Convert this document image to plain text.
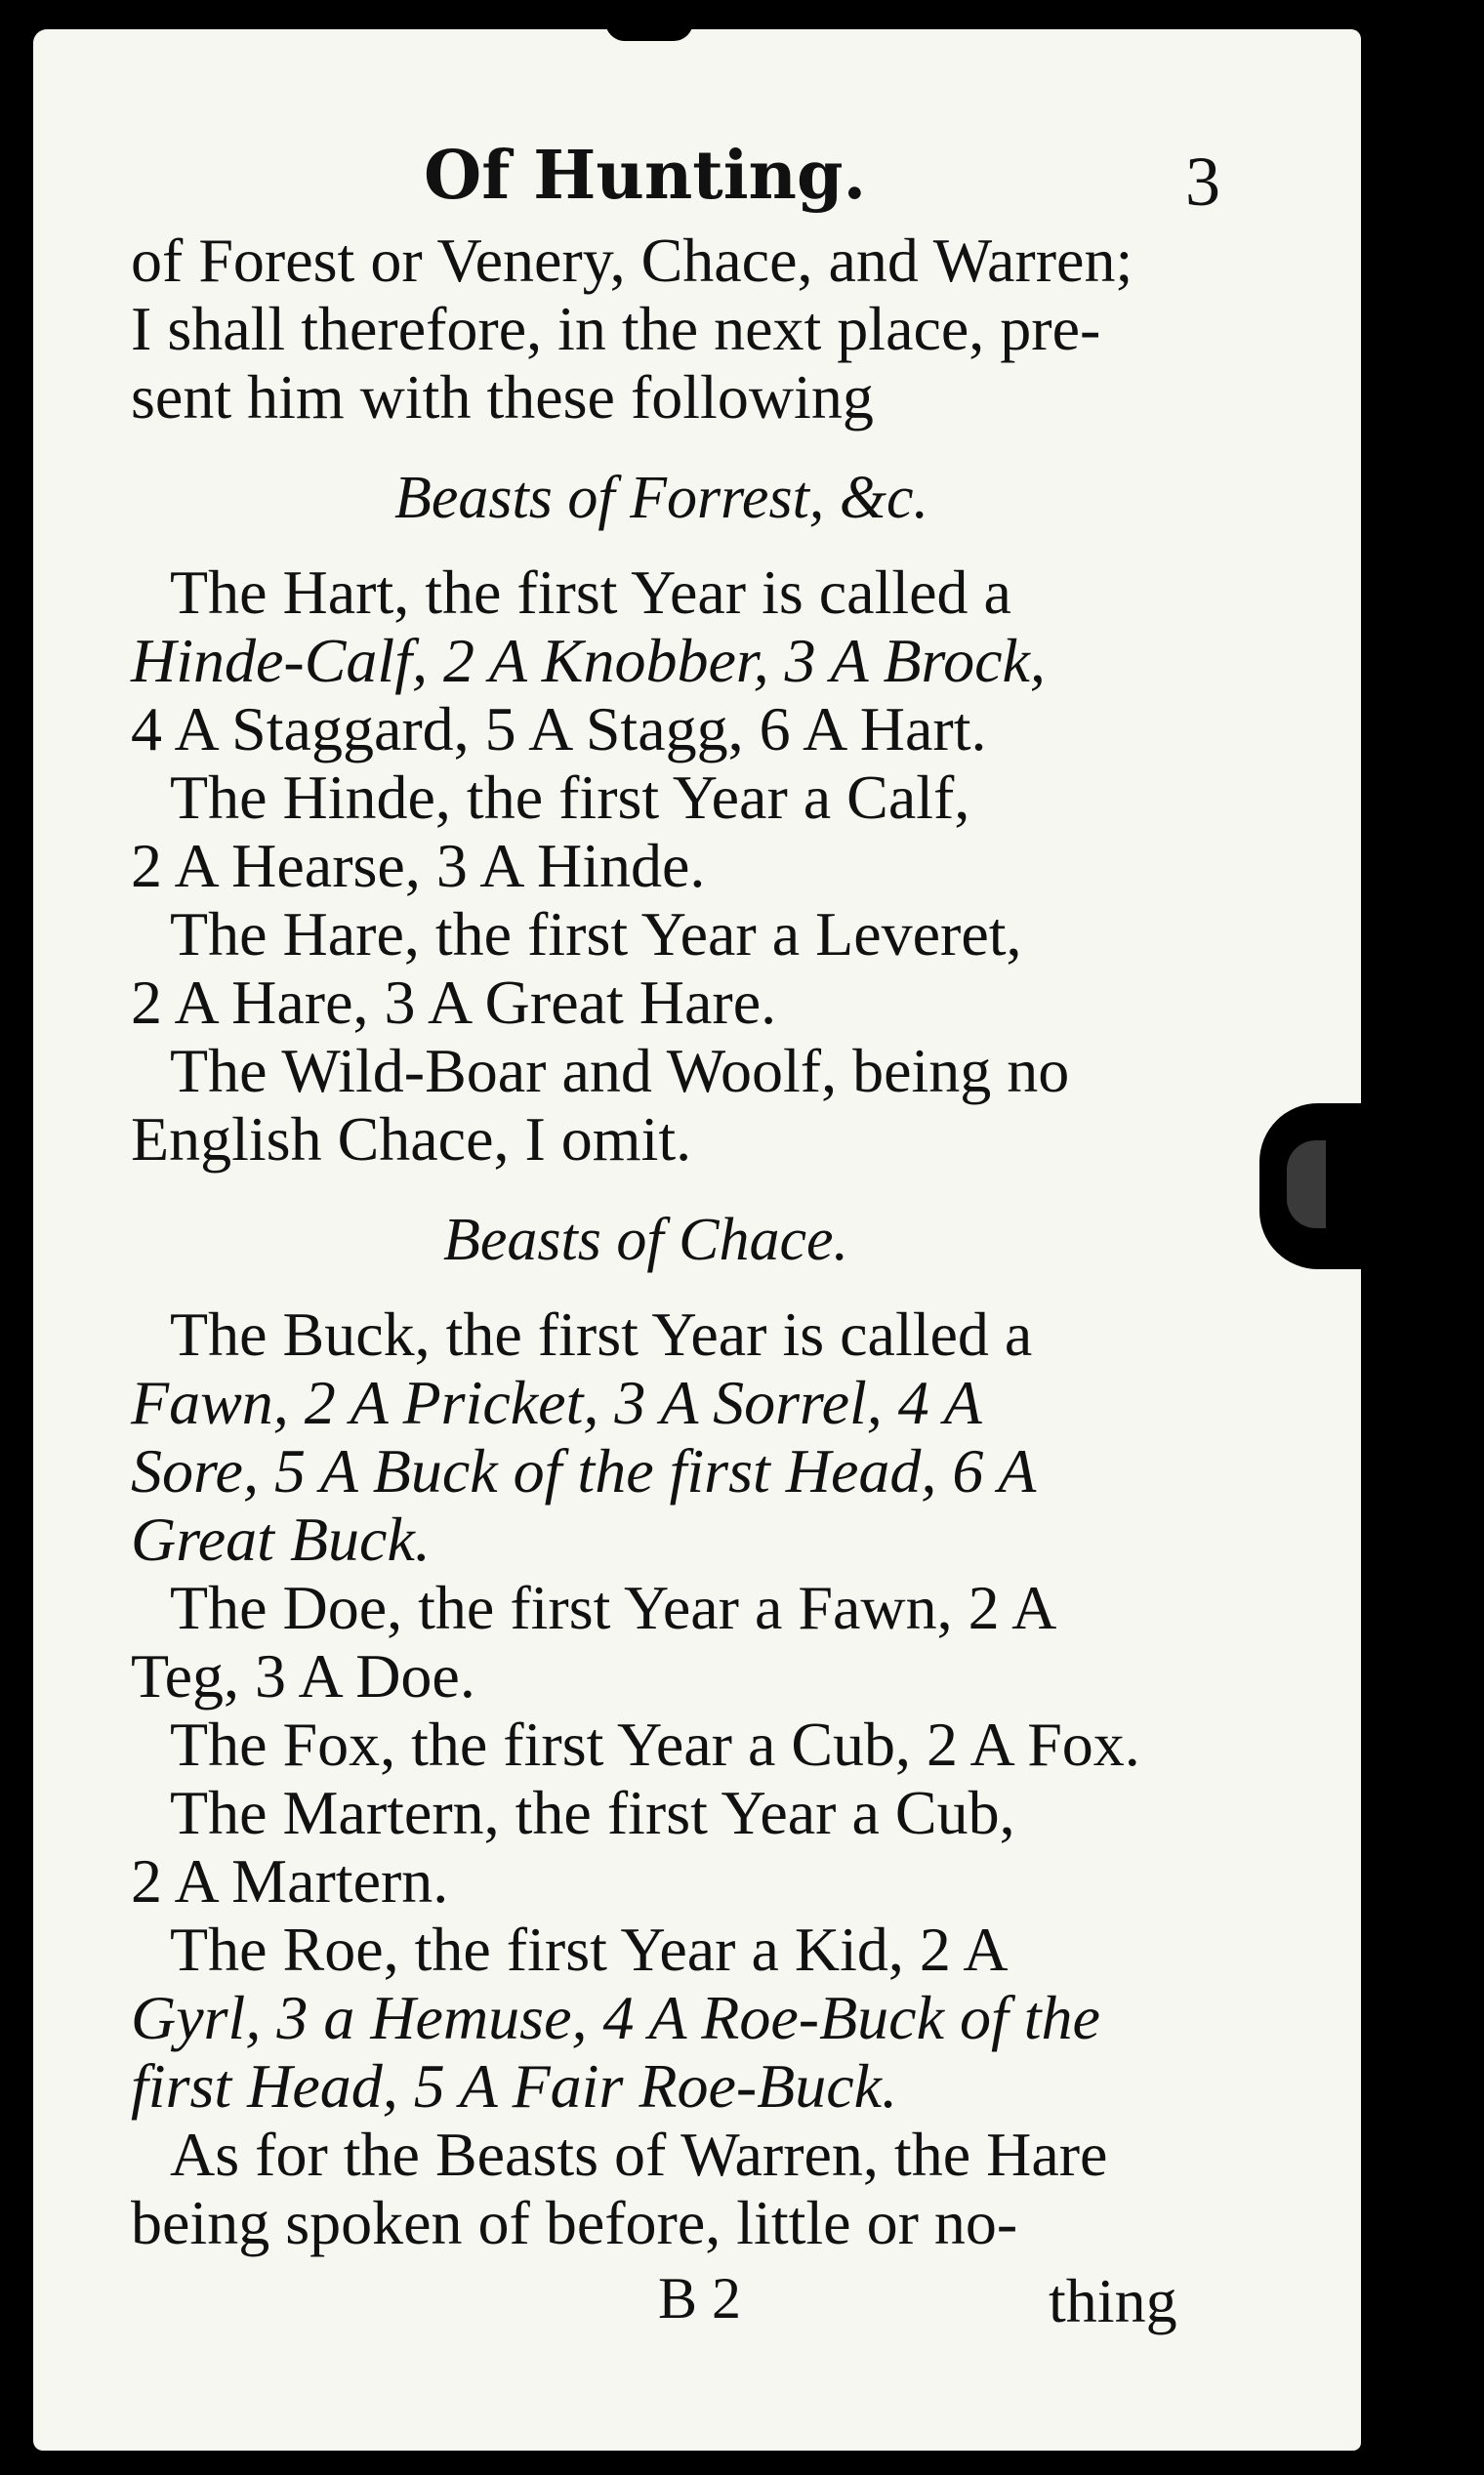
Of Hunting.	3
of Forest or Venery, Chace, and Warren;
I shall therefore, in the next place, pre-
sent him with these following
Beasts of Forrest, &c.
The Hart, the first Year is called a
Hinde-Calf, 2 A Knobber, 3 A Brock,
4 A Staggard, 5 A Stagg, 6 A Hart.
The Hinde, the first Year a Calf,
2 A Hearse, 3 A Hinde.
The Hare, the first Year a Leveret,
2 A Hare, 3 A Great Hare.
The Wild-Boar and Woolf, being no
English Chace, I omit.
Beasts of Chace.
The Buck, the first Year is called a
Fawn, 2 A Pricket, 3 A Sorrel, 4 A
Sore, 5 A Buck of the first Head, 6 A
Great Buck.
The Doe, the first Year a Fawn, 2 A
Teg, 3 A Doe.
The Fox, the first Year a Cub, 2 A Fox.
The Martern, the first Year a Cub,
2 A Martern.
The Roe, the first Year a Kid, 2 A
Gyrl, 3 a Hemuse, 4 A Roe-Buck of the
first Head, 5 A Fair Roe-Buck.
As for the Beasts of Warren, the Hare
being spoken of before, little or no-
B 2	thing
